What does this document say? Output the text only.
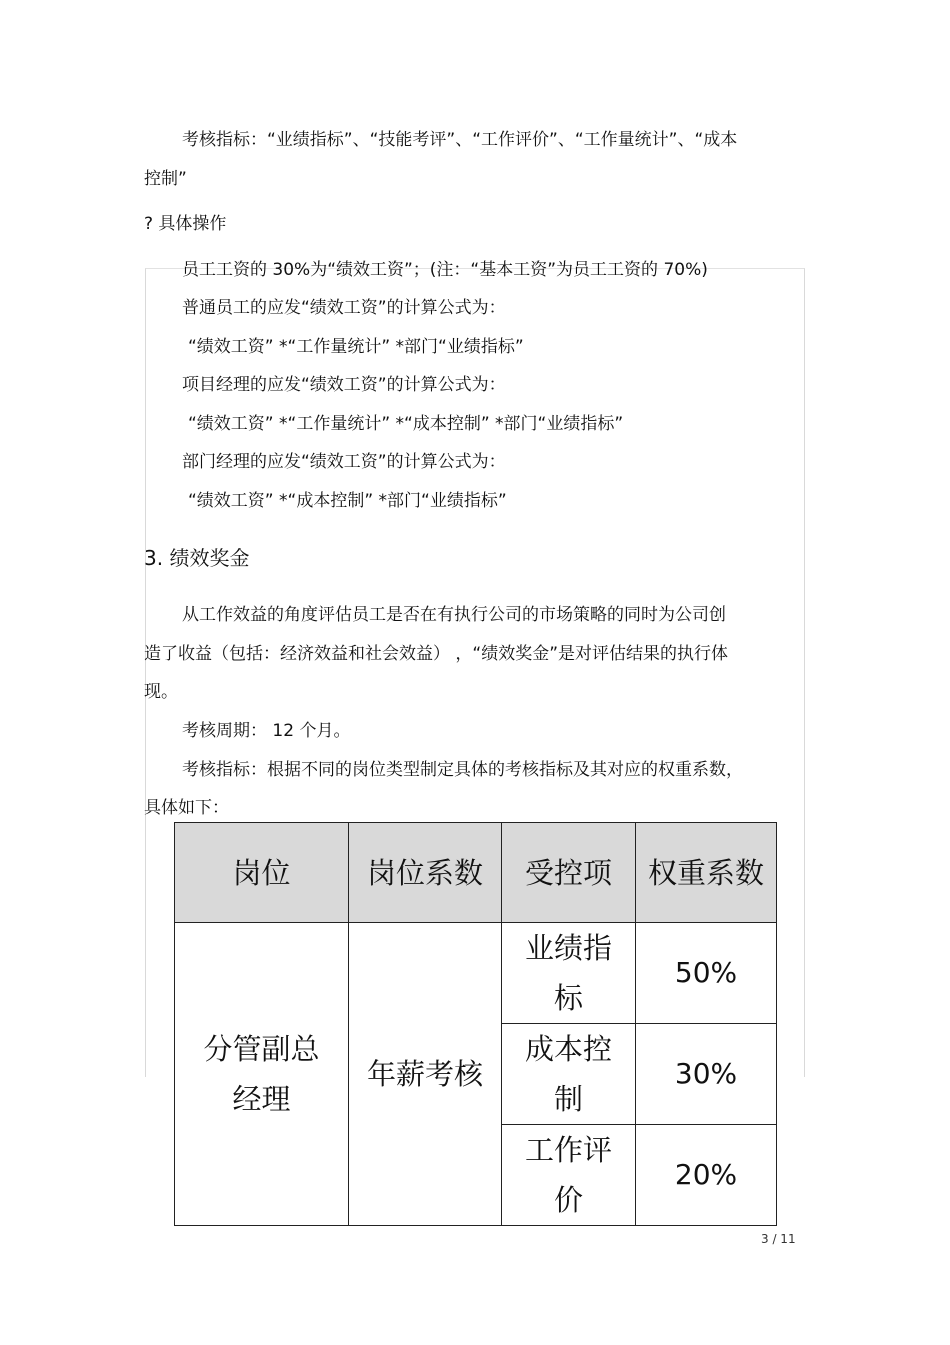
考核指标：“业绩指标”、“技能考评”、“工作评价”、“工作量统计”、“成本
控制”
? 具体操作
员工工资的 30%为“绩效工资”；(注：“基本工资”为员工工资的 70%)
普通员工的应发“绩效工资”的计算公式为：
“绩效工资” *“工作量统计” *部门“业绩指标”
项目经理的应发“绩效工资”的计算公式为：
“绩效工资” *“工作量统计” *“成本控制” *部门“业绩指标”
部门经理的应发“绩效工资”的计算公式为：
“绩效工资” *“成本控制” *部门“业绩指标”
3. 绩效奖金
从工作效益的角度评估员工是否在有执行公司的市场策略的同时为公司创
造了收益（包括：经济效益和社会效益） ，“绩效奖金”是对评估结果的执行体
现。
考核周期： 12 个月。
考核指标：根据不同的岗位类型制定具体的考核指标及其对应的权重系数，
具体如下：
岗位	岗位系数	受控项	权重系数
分管副总经理	年薪考核	业绩指标	50%
		成本控制	30%
		工作评价	20%
3 / 11
